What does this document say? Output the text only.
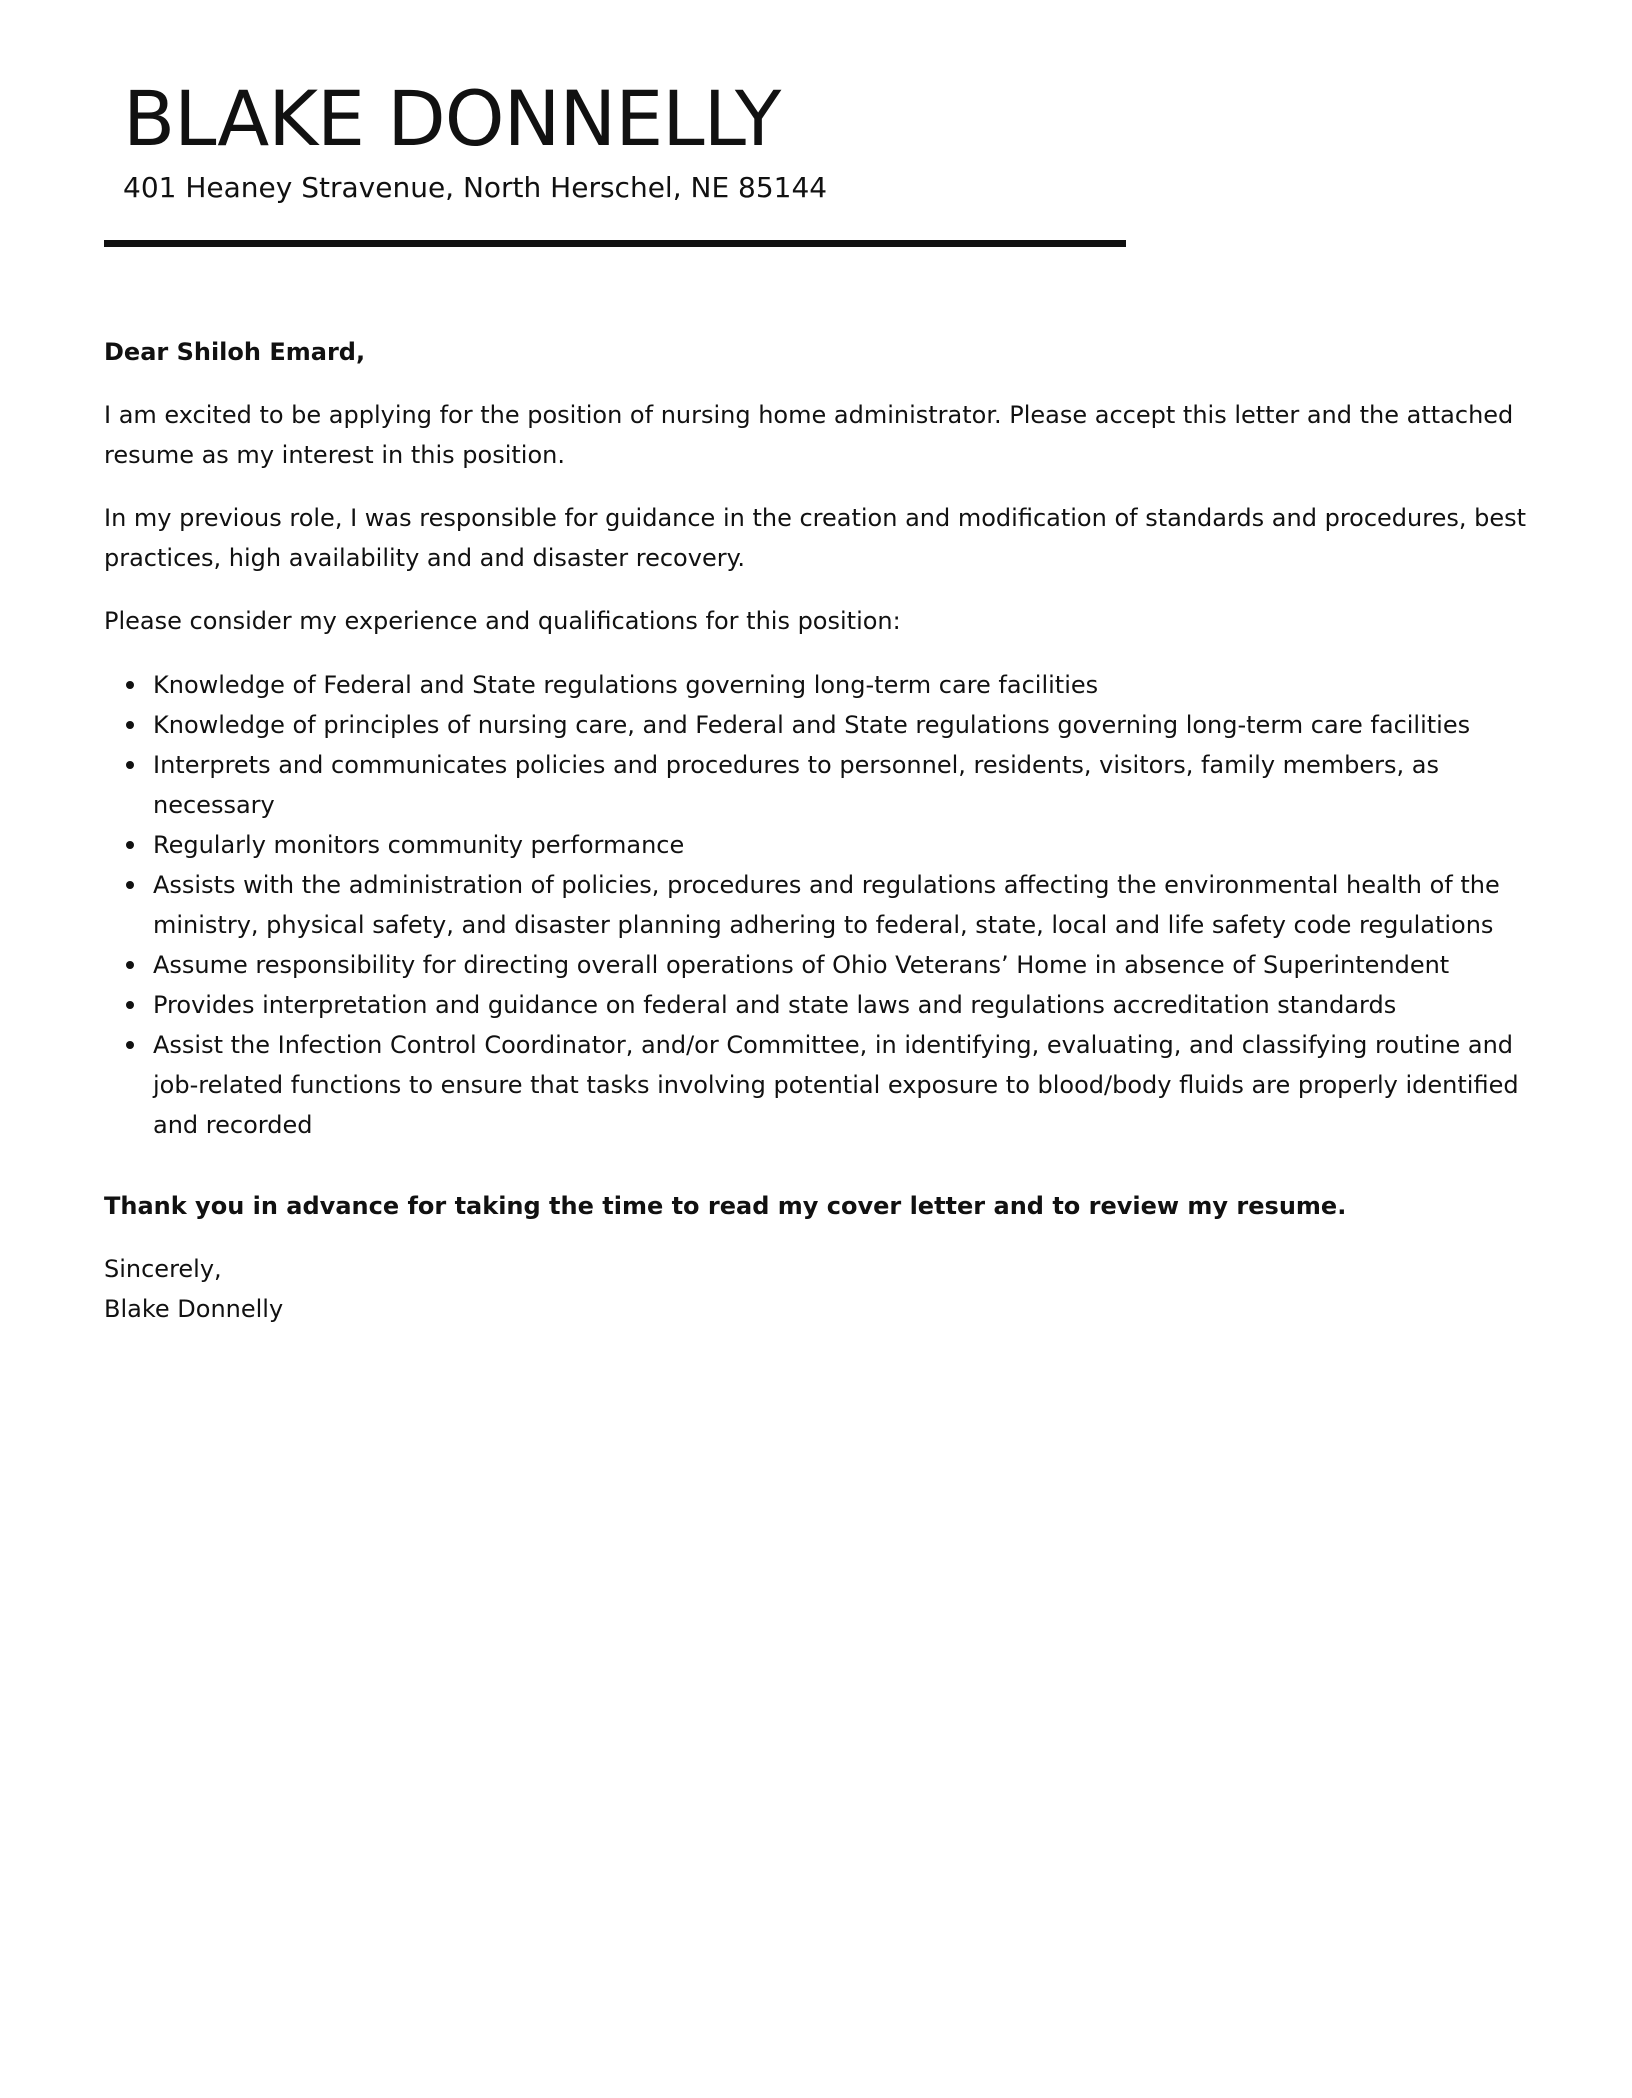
BLAKE DONNELLY

401 Heaney Stravenue, North Herschel, NE 85144

Dear Shiloh Emard,

I am excited to be applying for the position of nursing home administrator. Please accept this letter and the attached resume as my interest in this position.

In my previous role, I was responsible for guidance in the creation and modification of standards and procedures, best practices, high availability and and disaster recovery.

Please consider my experience and qualifications for this position:

Knowledge of Federal and State regulations governing long-term care facilities
Knowledge of principles of nursing care, and Federal and State regulations governing long-term care facilities
Interprets and communicates policies and procedures to personnel, residents, visitors, family members, as necessary
Regularly monitors community performance
Assists with the administration of policies, procedures and regulations affecting the environmental health of the ministry, physical safety, and disaster planning adhering to federal, state, local and life safety code regulations
Assume responsibility for directing overall operations of Ohio Veterans’ Home in absence of Superintendent
Provides interpretation and guidance on federal and state laws and regulations accreditation standards
Assist the Infection Control Coordinator, and/or Committee, in identifying, evaluating, and classifying routine and job-related functions to ensure that tasks involving potential exposure to blood/body fluids are properly identified and recorded

Thank you in advance for taking the time to read my cover letter and to review my resume.

Sincerely,
Blake Donnelly
